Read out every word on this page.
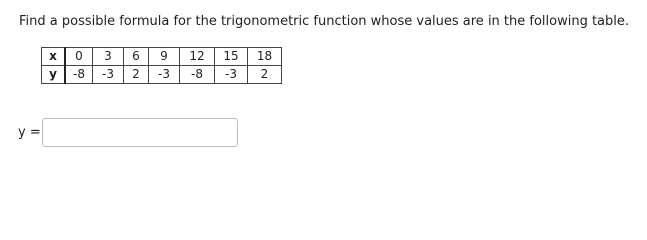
Find a possible formula for the trigonometric function whose values are in the following table.
x	0	3	6	9	12	15	18
y	-8	-3	2	-3	-8	-3	2
y =
